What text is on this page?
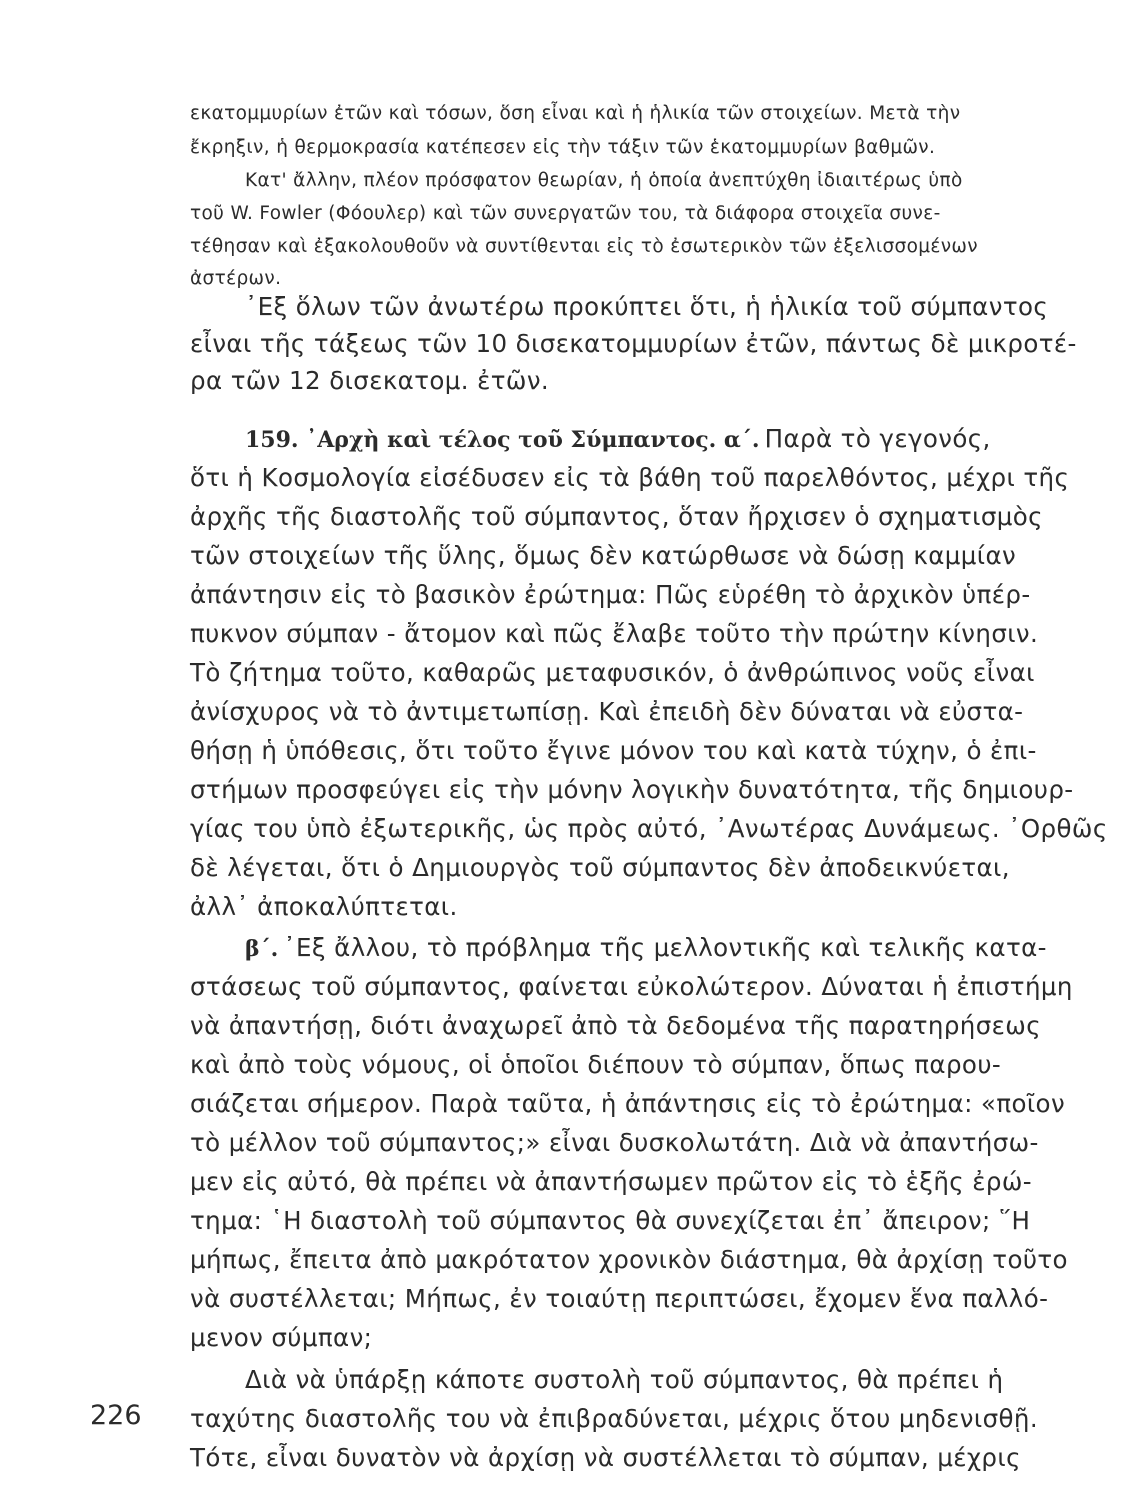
εκατομμυρίων ἐτῶν καὶ τόσων, ὅση εἶναι καὶ ἡ ἡλικία τῶν στοιχείων. Μετὰ τὴν

ἔκρηξιν, ἡ θερμοκρασία κατέπεσεν εἰς τὴν τάξιν τῶν ἑκατομμυρίων βαθμῶν.

Κατ' ἄλλην, πλέον πρόσφατον θεωρίαν, ἡ ὁποία ἀνεπτύχθη ἰδιαιτέρως ὑπὸ

τοῦ W. Fowler (Φόουλερ) καὶ τῶν συνεργατῶν του, τὰ διάφορα στοιχεῖα συνε-

τέθησαν καὶ ἐξακολουθοῦν νὰ συντίθενται εἰς τὸ ἐσωτερικὸν τῶν ἐξελισσομένων

ἀστέρων.

᾿Εξ ὅλων τῶν ἀνωτέρω προκύπτει ὅτι, ἡ ἡλικία τοῦ σύμπαντος

εἶναι τῆς τάξεως τῶν 10 δισεκατομμυρίων ἐτῶν, πάντως δὲ μικροτέ-

ρα τῶν 12 δισεκατομ. ἐτῶν.

159. ᾿Αρχὴ καὶ τέλος τοῦ Σύμπαντος. α΄. Παρὰ τὸ γεγονός,

ὅτι ἡ Κοσμολογία εἰσέδυσεν εἰς τὰ βάθη τοῦ παρελθόντος, μέχρι τῆς

ἀρχῆς τῆς διαστολῆς τοῦ σύμπαντος, ὅταν ἤρχισεν ὁ σχηματισμὸς

τῶν στοιχείων τῆς ὕλης, ὅμως δὲν κατώρθωσε νὰ δώσῃ καμμίαν

ἀπάντησιν εἰς τὸ βασικὸν ἐρώτημα: Πῶς εὑρέθη τὸ ἀρχικὸν ὑπέρ-

πυκνον σύμπαν - ἄτομον καὶ πῶς ἔλαβε τοῦτο τὴν πρώτην κίνησιν.

Τὸ ζήτημα τοῦτο, καθαρῶς μεταφυσικόν, ὁ ἀνθρώπινος νοῦς εἶναι

ἀνίσχυρος νὰ τὸ ἀντιμετωπίσῃ. Καὶ ἐπειδὴ δὲν δύναται νὰ εὐστα-

θήσῃ ἡ ὑπόθεσις, ὅτι τοῦτο ἔγινε μόνον του καὶ κατὰ τύχην, ὁ ἐπι-

στήμων προσφεύγει εἰς τὴν μόνην λογικὴν δυνατότητα, τῆς δημιουρ-

γίας του ὑπὸ ἐξωτερικῆς, ὡς πρὸς αὐτό, ᾿Ανωτέρας Δυνάμεως. ᾿Ορθῶς

δὲ λέγεται, ὅτι ὁ Δημιουργὸς τοῦ σύμπαντος δὲν ἀποδεικνύεται,

ἀλλ᾿ ἀποκαλύπτεται.

β΄. ᾿Εξ ἄλλου, τὸ πρόβλημα τῆς μελλοντικῆς καὶ τελικῆς κατα-

στάσεως τοῦ σύμπαντος, φαίνεται εὐκολώτερον. Δύναται ἡ ἐπιστήμη

νὰ ἀπαντήσῃ, διότι ἀναχωρεῖ ἀπὸ τὰ δεδομένα τῆς παρατηρήσεως

καὶ ἀπὸ τοὺς νόμους, οἱ ὁποῖοι διέπουν τὸ σύμπαν, ὅπως παρου-

σιάζεται σήμερον. Παρὰ ταῦτα, ἡ ἀπάντησις εἰς τὸ ἐρώτημα: «ποῖον

τὸ μέλλον τοῦ σύμπαντος;» εἶναι δυσκολωτάτη. Διὰ νὰ ἀπαντήσω-

μεν εἰς αὐτό, θὰ πρέπει νὰ ἀπαντήσωμεν πρῶτον εἰς τὸ ἑξῆς ἐρώ-

τημα: ῾Η διαστολὴ τοῦ σύμπαντος θὰ συνεχίζεται ἐπ᾿ ἄπειρον; ῞Η

μήπως, ἔπειτα ἀπὸ μακρότατον χρονικὸν διάστημα, θὰ ἀρχίσῃ τοῦτο

νὰ συστέλλεται; Μήπως, ἐν τοιαύτῃ περιπτώσει, ἔχομεν ἕνα παλλό-

μενον σύμπαν;

Διὰ νὰ ὑπάρξῃ κάποτε συστολὴ τοῦ σύμπαντος, θὰ πρέπει ἡ

ταχύτης διαστολῆς του νὰ ἐπιβραδύνεται, μέχρις ὅτου μηδενισθῇ.

Τότε, εἶναι δυνατὸν νὰ ἀρχίσῃ νὰ συστέλλεται τὸ σύμπαν, μέχρις

226
